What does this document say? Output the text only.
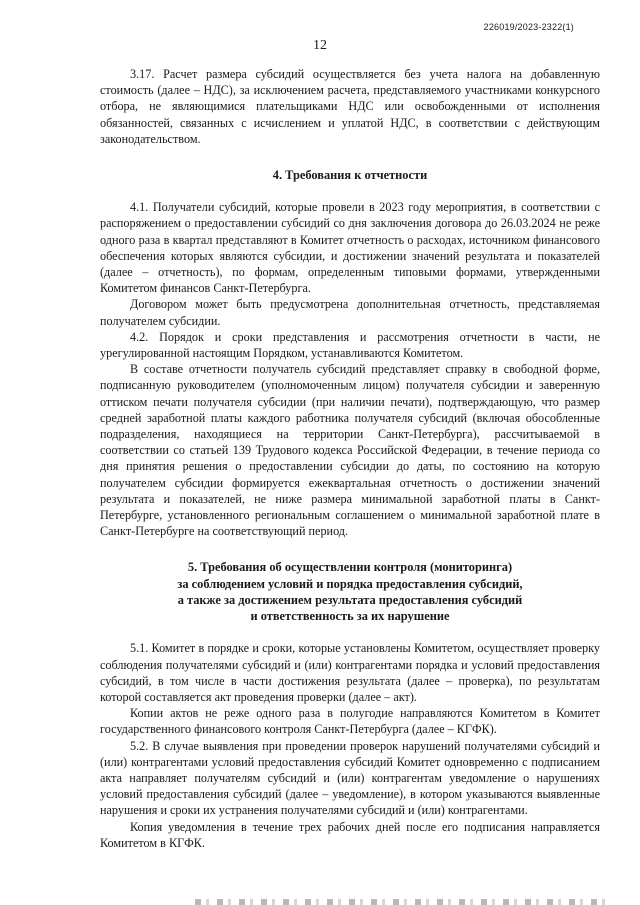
226019/2023-2322(1)
12

3.17. Расчет размера субсидий осуществляется без учета налога на добавленную стоимость (далее – НДС), за исключением расчета, представляемого участниками конкурсного отбора, не являющимися плательщиками НДС или освобожденными от исполнения обязанностей, связанных с исчислением и уплатой НДС, в соответствии с действующим законодательством.

4. Требования к отчетности

4.1. Получатели субсидий, которые провели в 2023 году мероприятия, в соответствии с распоряжением о предоставлении субсидий со дня заключения договора до 26.03.2024 не реже одного раза в квартал представляют в Комитет отчетность о расходах, источником финансового обеспечения которых являются субсидии, и достижении значений результата и показателей (далее – отчетность), по формам, определенным типовыми формами, утвержденными Комитетом финансов Санкт-Петербурга.

Договором может быть предусмотрена дополнительная отчетность, представляемая получателем субсидии.

4.2. Порядок и сроки представления и рассмотрения отчетности в части, не урегулированной настоящим Порядком, устанавливаются Комитетом.

В составе отчетности получатель субсидий представляет справку в свободной форме, подписанную руководителем (уполномоченным лицом) получателя субсидии и заверенную оттиском печати получателя субсидии (при наличии печати), подтверждающую, что размер средней заработной платы каждого работника получателя субсидий (включая обособленные подразделения, находящиеся на территории Санкт-Петербурга), рассчитываемой в соответствии со статьей 139 Трудового кодекса Российской Федерации, в течение периода со дня принятия решения о предоставлении субсидии до даты, по состоянию на которую получателем субсидии формируется ежеквартальная отчетность о достижении значений результата и показателей, не ниже размера минимальной заработной платы в Санкт-Петербурге, установленного региональным соглашением о минимальной заработной плате в Санкт-Петербурге на соответствующий период.

5. Требования об осуществлении контроля (мониторинга)
за соблюдением условий и порядка предоставления субсидий,
а также за достижением результата предоставления субсидий
и ответственность за их нарушение

5.1. Комитет в порядке и сроки, которые установлены Комитетом, осуществляет проверку соблюдения получателями субсидий и (или) контрагентами порядка и условий предоставления субсидий, в том числе в части достижения результата (далее – проверка), по результатам которой составляется акт проведения проверки (далее – акт).

Копии актов не реже одного раза в полугодие направляются Комитетом в Комитет государственного финансового контроля Санкт-Петербурга (далее – КГФК).

5.2. В случае выявления при проведении проверок нарушений получателями субсидий и (или) контрагентами условий предоставления субсидий Комитет одновременно с подписанием акта направляет получателям субсидий и (или) контрагентам уведомление о нарушениях условий предоставления субсидий (далее – уведомление), в котором указываются выявленные нарушения и сроки их устранения получателями субсидий и (или) контрагентами.

Копия уведомления в течение трех рабочих дней после его подписания направляется Комитетом в КГФК.
